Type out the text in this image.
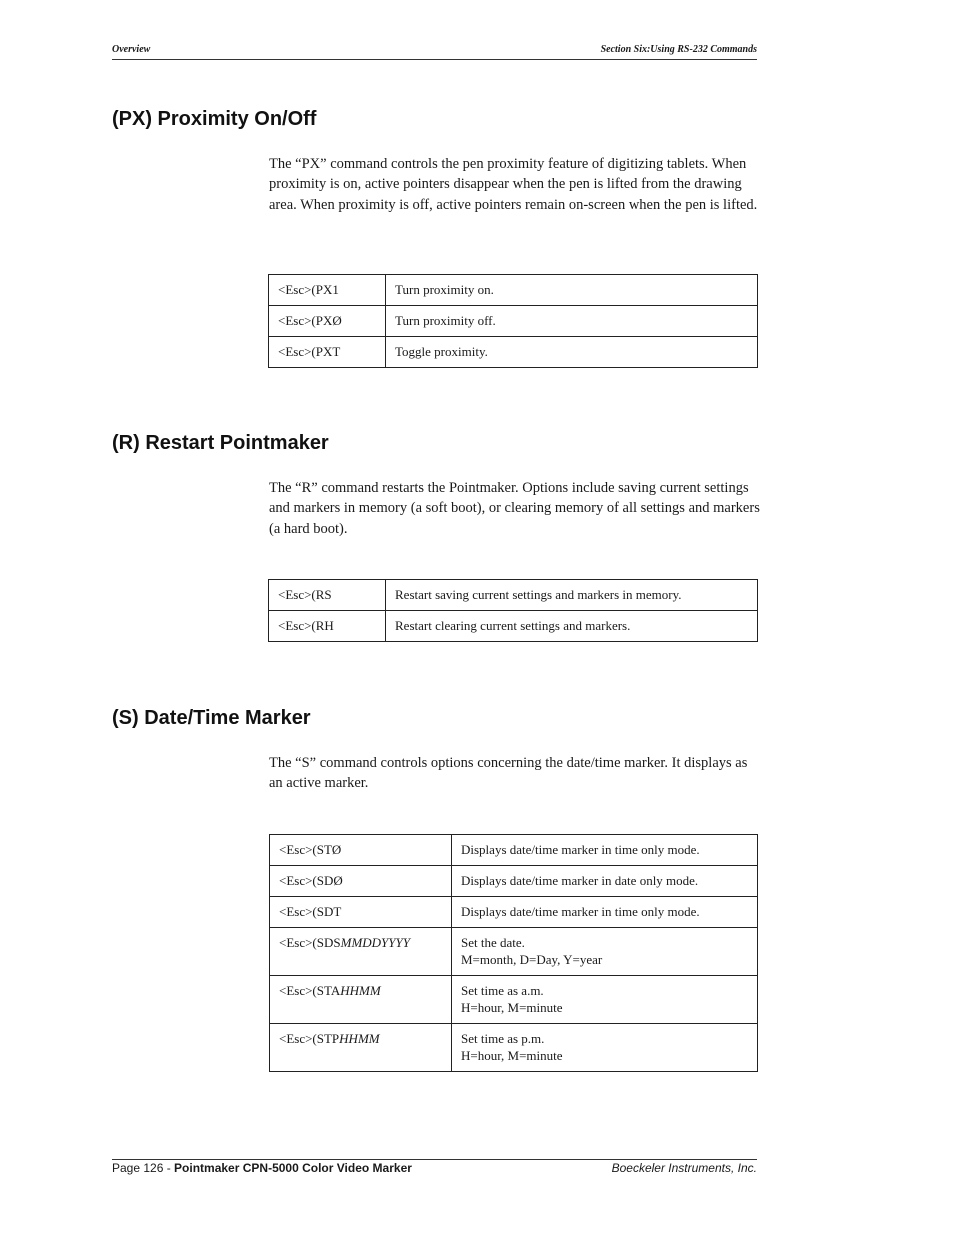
Overview	Section Six:Using RS-232 Commands
(PX) Proximity On/Off

The “PX” command controls the pen proximity feature of digitizing tablets. When proximity is on, active pointers disappear when the pen is lifted from the drawing area. When proximity is off, active pointers remain on-screen when the pen is lifted.

<Esc>(PX1	Turn proximity on.
<Esc>(PXØ	Turn proximity off.
<Esc>(PXT	Toggle proximity.
(R) Restart Pointmaker

The “R” command restarts the Pointmaker. Options include saving current settings and markers in memory (a soft boot), or clearing memory of all settings and markers (a hard boot).

<Esc>(RS	Restart saving current settings and markers in memory.
<Esc>(RH	Restart clearing current settings and markers.
(S) Date/Time Marker

The “S” command controls options concerning the date/time marker. It displays as an active marker.

<Esc>(STØ	Displays date/time marker in time only mode.
<Esc>(SDØ	Displays date/time marker in date only mode.
<Esc>(SDT	Displays date/time marker in time only mode.
<Esc>(SDSMMDDYYYY	Set the date.
M=month, D=Day, Y=year

<Esc>(STAHHMM	Set time as a.m.
H=hour, M=minute

<Esc>(STPHHMM	Set time as p.m.
H=hour, M=minute
Page 126 - Pointmaker CPN-5000 Color Video Marker	Boeckeler Instruments, Inc.
